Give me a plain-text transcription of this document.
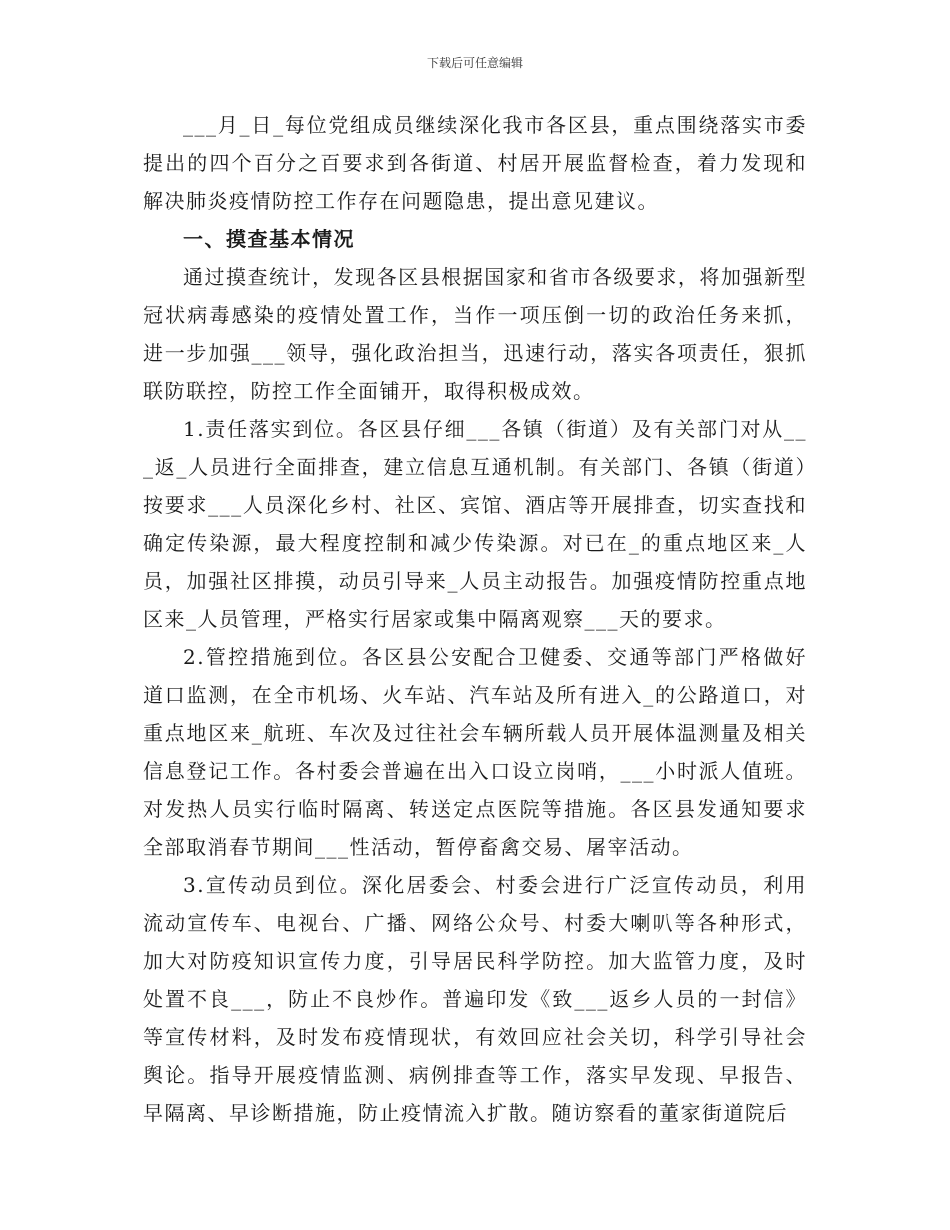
下载后可任意编辑

___月_日_每位党组成员继续深化我市各区县，重点围绕落实市委提出的四个百分之百要求到各街道、村居开展监督检查，着力发现和解决肺炎疫情防控工作存在问题隐患，提出意见建议。

一、摸查基本情况

通过摸查统计，发现各区县根据国家和省市各级要求，将加强新型冠状病毒感染的疫情处置工作，当作一项压倒一切的政治任务来抓，进一步加强___领导，强化政治担当，迅速行动，落实各项责任，狠抓联防联控，防控工作全面铺开，取得积极成效。

1.责任落实到位。各区县仔细___各镇（街道）及有关部门对从___返_人员进行全面排查，建立信息互通机制。有关部门、各镇（街道）按要求___人员深化乡村、社区、宾馆、酒店等开展排查，切实查找和确定传染源，最大程度控制和减少传染源。对已在_的重点地区来_人员，加强社区排摸，动员引导来_人员主动报告。加强疫情防控重点地区来_人员管理，严格实行居家或集中隔离观察___天的要求。

2.管控措施到位。各区县公安配合卫健委、交通等部门严格做好道口监测，在全市机场、火车站、汽车站及所有进入_的公路道口，对重点地区来_航班、车次及过往社会车辆所载人员开展体温测量及相关信息登记工作。各村委会普遍在出入口设立岗哨，___小时派人值班。对发热人员实行临时隔离、转送定点医院等措施。各区县发通知要求全部取消春节期间___性活动，暂停畜禽交易、屠宰活动。

3.宣传动员到位。深化居委会、村委会进行广泛宣传动员，利用流动宣传车、电视台、广播、网络公众号、村委大喇叭等各种形式，加大对防疫知识宣传力度，引导居民科学防控。加大监管力度，及时处置不良___，防止不良炒作。普遍印发《致___返乡人员的一封信》等宣传材料，及时发布疫情现状，有效回应社会关切，科学引导社会舆论。指导开展疫情监测、病例排查等工作，落实早发现、早报告、早隔离、早诊断措施，防止疫情流入扩散。随访察看的董家街道院后
